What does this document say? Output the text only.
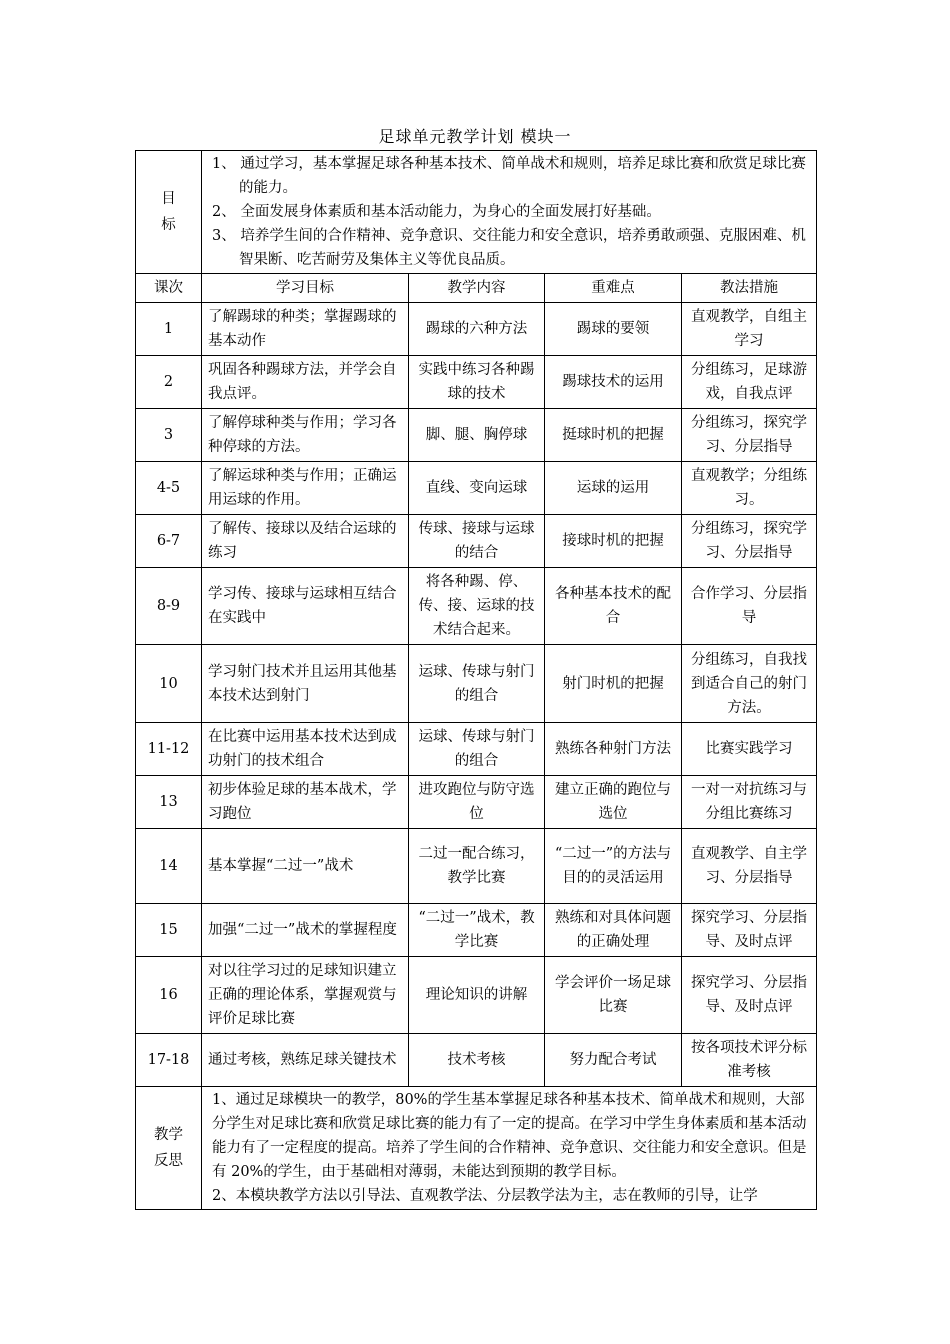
足球单元教学计划 模块一
目
标	1、 通过学习，基本掌握足球各种基本技术、简单战术和规则，培养足球比赛和欣赏足球比赛的能力。
2、 全面发展身体素质和基本活动能力，为身心的全面发展打好基础。
3、 培养学生间的合作精神、竞争意识、交往能力和安全意识，培养勇敢顽强、克服困难、机智果断、吃苦耐劳及集体主义等优良品质。			

课次	学习目标	教学内容	重难点	教法措施
1	了解踢球的种类；掌握踢球的基本动作	踢球的六种方法	踢球的要领	直观教学，自组主学习
2	巩固各种踢球方法，并学会自我点评。	实践中练习各种踢球的技术	踢球技术的运用	分组练习，足球游戏，自我点评
3	了解停球种类与作用；学习各种停球的方法。	脚、腿、胸停球	挺球时机的把握	分组练习，探究学习、分层指导
4-5	了解运球种类与作用；正确运用运球的作用。	直线、变向运球	运球的运用	直观教学；分组练习。
6-7	了解传、接球以及结合运球的练习	传球、接球与运球的结合	接球时机的把握	分组练习，探究学习、分层指导
8-9	学习传、接球与运球相互结合在实践中	将各种踢、停、传、接、运球的技术结合起来。	各种基本技术的配合	合作学习、分层指导
10	学习射门技术并且运用其他基本技术达到射门	运球、传球与射门的组合	射门时机的把握	分组练习，自我找到适合自己的射门方法。
11-12	在比赛中运用基本技术达到成功射门的技术组合	运球、传球与射门的组合	熟练各种射门方法	比赛实践学习
13	初步体验足球的基本战术，学习跑位	进攻跑位与防守选位	建立正确的跑位与选位	一对一对抗练习与分组比赛练习
14	基本掌握“二过一”战术	二过一配合练习，教学比赛	“二过一”的方法与目的的灵活运用	直观教学、自主学习、分层指导
15	加强“二过一”战术的掌握程度	“二过一”战术，教学比赛	熟练和对具体问题的正确处理	探究学习、分层指导、及时点评
16	对以往学习过的足球知识建立正确的理论体系，掌握观赏与评价足球比赛	理论知识的讲解	学会评价一场足球比赛	探究学习、分层指导、及时点评
17-18	通过考核，熟练足球关键技术	技术考核	努力配合考试	按各项技术评分标准考核

教学
反思	1、通过足球模块一的教学，80%的学生基本掌握足球各种基本技术、简单战术和规则，大部分学生对足球比赛和欣赏足球比赛的能力有了一定的提高。在学习中学生身体素质和基本活动能力有了一定程度的提高。培养了学生间的合作精神、竞争意识、交往能力和安全意识。但是有 20%的学生，由于基础相对薄弱，未能达到预期的教学目标。
2、本模块教学方法以引导法、直观教学法、分层教学法为主，志在教师的引导，让学			
